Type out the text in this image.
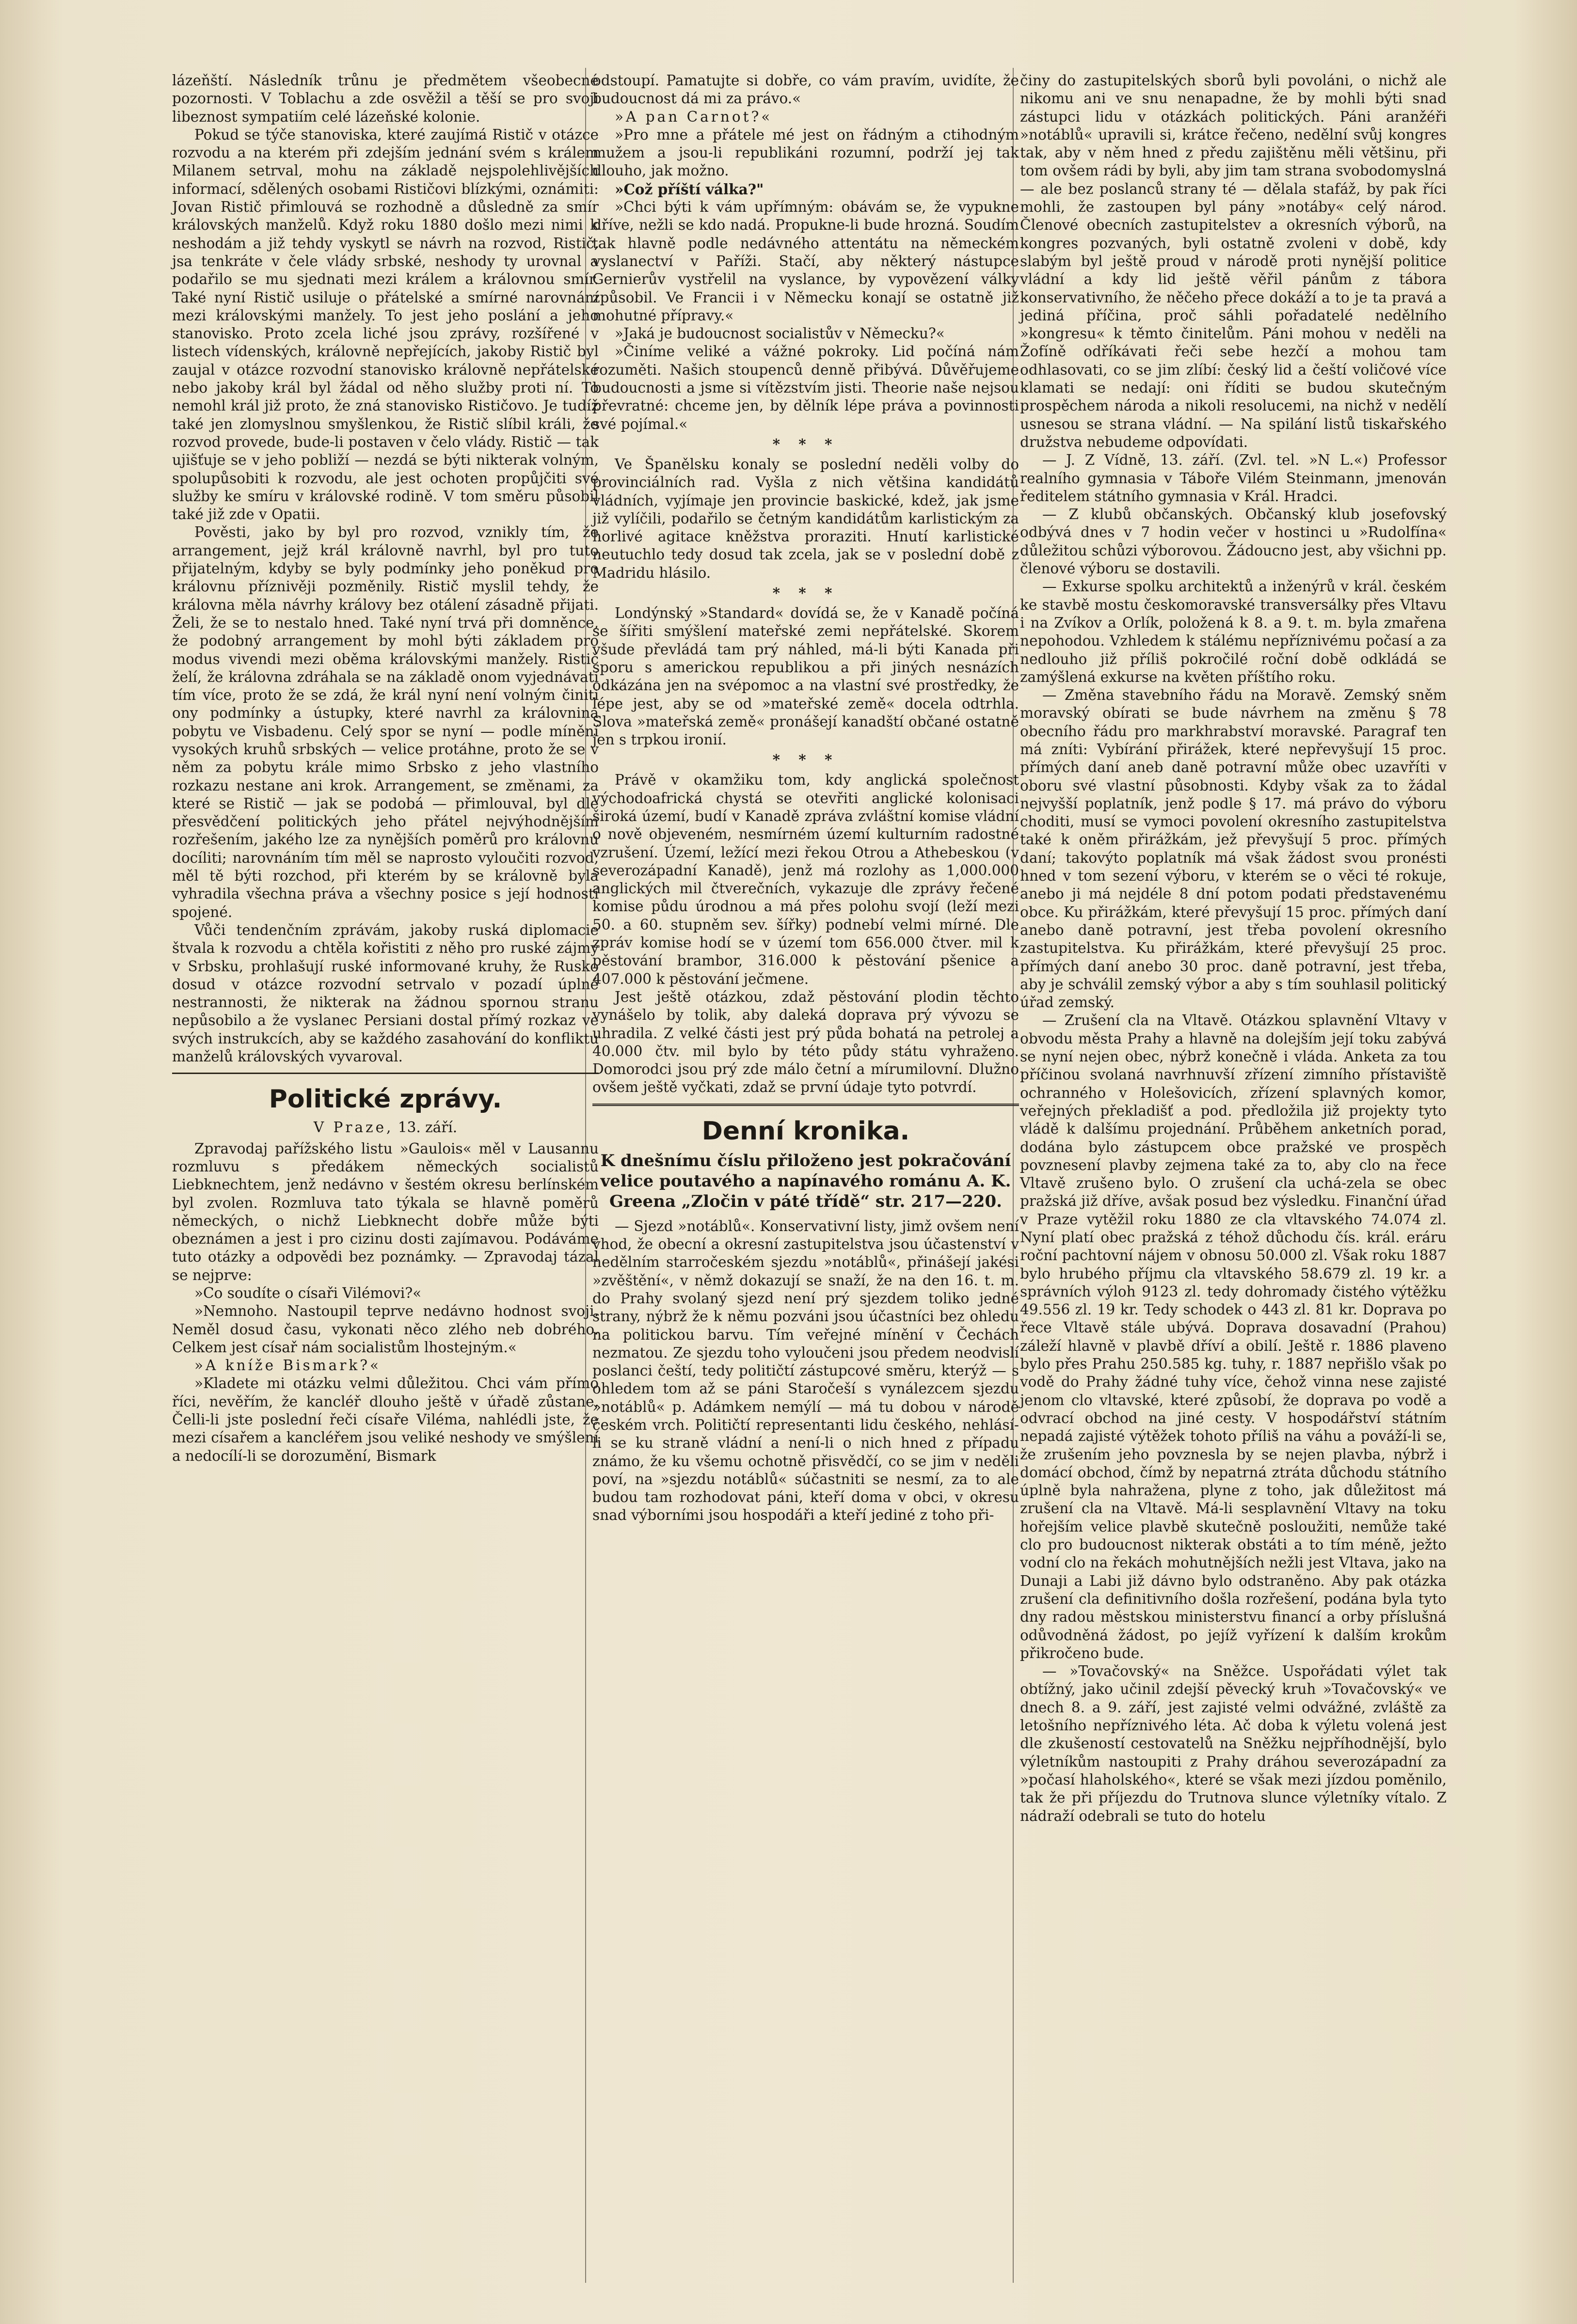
lázeňští. Následník trůnu je předmětem všeobecné pozornosti. V Toblachu a zde osvěžil a těší se pro svoji libeznost sympatiím celé lázeňské kolonie.

Pokud se týče stanoviska, které zaujímá Ristič v otázce rozvodu a na kterém při zdejším jednání svém s králem Milanem setrval, mohu na základě nejspolehlivějších informací, sdělených osobami Rističovi blízkými, oznámiti: Jovan Ristič přimlouvá se rozhodně a důsledně za smír královských manželů. Když roku 1880 došlo mezi nimi k neshodám a již tehdy vyskytl se návrh na rozvod, Ristič, jsa tenkráte v čele vlády srbské, neshody ty urovnal a podařilo se mu sjednati mezi králem a královnou smír. Také nyní Ristič usiluje o přátelské a smírné narovnání mezi královskými manžely. To jest jeho poslání a jeho stanovisko. Proto zcela liché jsou zprávy, rozšířené v listech vídenských, královně nepřejících, jakoby Ristič byl zaujal v otázce rozvodní stanovisko královně nepřátelské nebo jakoby král byl žádal od něho služby proti ní. To nemohl král již proto, že zná stanovisko Rističovo. Je tudíž také jen zlomyslnou smyšlenkou, že Ristič slíbil králi, že rozvod provede, bude-li postaven v čelo vlády. Ristič — tak ujišťuje se v jeho pobliží — nezdá se býti nikterak volným, spolupůsobiti k rozvodu, ale jest ochoten propůjčiti své služby ke smíru v královské rodině. V tom směru působil také již zde v Opatii.

Pověsti, jako by byl pro rozvod, vznikly tím, že arrangement, jejž král královně navrhl, byl pro tuto přijatelným, kdyby se byly podmínky jeho poněkud pro královnu příznivěji pozměnily. Ristič myslil tehdy, že královna měla návrhy královy bez otálení zásadně přijati. Želi, že se to nestalo hned. Také nyní trvá při domněnce, že podobný arrangement by mohl býti základem pro modus vivendi mezi oběma královskými manžely. Ristič želí, že královna zdráhala se na základě onom vyjednávati tím více, proto že se zdá, že král nyní není volným činiti ony podmínky a ústupky, které navrhl za královnina pobytu ve Visbadenu. Celý spor se nyní — podle mínění vysokých kruhů srbských — velice protáhne, proto že se v něm za pobytu krále mimo Srbsko z jeho vlastního rozkazu nestane ani krok. Arrangement, se změnami, za které se Ristič — jak se podobá — přimlouval, byl dle přesvědčení politických jeho přátel nejvýhodnějším rozřešením, jakého lze za nynějších poměrů pro královnu docíliti; narovnáním tím měl se naprosto vyloučiti rozvod, měl tě býti rozchod, při kterém by se královně byla vyhradila všechna práva a všechny posice s její hodností spojené.

Vůči tendenčním zprávám, jakoby ruská diplomacie štvala k rozvodu a chtěla kořistiti z něho pro ruské zájmy v Srbsku, prohlašují ruské informované kruhy, že Rusko dosud v otázce rozvodní setrvalo v pozadí úplné nestrannosti, že nikterak na žádnou spornou stranu nepůsobilo a že vyslanec Persiani dostal přímý rozkaz ve svých instrukcích, aby se každého zasahování do konfliktu manželů královských vyvaroval.

Politické zprávy.
V Praze, 13. září.

Zpravodaj pařížského listu »Gaulois« měl v Lausannu rozmluvu s předákem německých socialistů Liebknechtem, jenž nedávno v šestém okresu berlínském byl zvolen. Rozmluva tato týkala se hlavně poměrů německých, o nichž Liebknecht dobře může býti obeznámen a jest i pro cizinu dosti zajímavou. Podáváme tuto otázky a odpovědi bez poznámky. — Zpravodaj tázal se nejprve:

»Co soudíte o císaři Vilémovi?«

»Nemnoho. Nastoupil teprve nedávno hodnost svoji. Neměl dosud času, vykonati něco zlého neb dobrého. Celkem jest císař nám socialistům lhostejným.«

»A kníže Bismark?«

»Kladete mi otázku velmi důležitou. Chci vám přímo říci, nevěřím, že kancléř dlouho ještě v úřadě zůstane. Čelli-li jste poslední řeči císaře Viléma, nahlédli jste, že mezi císařem a kancléřem jsou veliké neshody ve smýšlení a nedocílí-li se dorozumění, Bismark

odstoupí. Pamatujte si dobře, co vám pravím, uvidíte, že budoucnost dá mi za právo.«

»A pan Carnot?«

»Pro mne a přátele mé jest on řádným a ctihodným mužem a jsou-li republikáni rozumní, podrží jej tak dlouho, jak možno.

»Což příští válka?"

»Chci býti k vám upřímným: obávám se, že vypukne dříve, nežli se kdo nadá. Propukne-li bude hrozná. Soudím tak hlavně podle nedávného attentátu na německém vyslanectví v Paříži. Stačí, aby některý nástupce Gernierův vystřelil na vyslance, by vypovězení války způsobil. Ve Francii i v Německu konají se ostatně již mohutné přípravy.«

»Jaká je budoucnost socialistův v Německu?«

»Činíme veliké a vážné pokroky. Lid počíná nám rozuměti. Našich stoupenců denně přibývá. Důvěřujeme budoucnosti a jsme si vítězstvím jisti. Theorie naše nejsou převratné: chceme jen, by dělník lépe práva a povinnosti své pojímal.«

* * *

Ve Španělsku konaly se poslední neděli volby do provinciálních rad. Vyšla z nich většina kandidátů vládních, vyjímaje jen provincie baskické, kdež, jak jsme již vylíčili, podařilo se četným kandidátům karlistickým za horlivé agitace kněžstva proraziti. Hnutí karlistické neutuchlo tedy dosud tak zcela, jak se v poslední době z Madridu hlásilo.

* * *

Londýnský »Standard« dovídá se, že v Kanadě počíná se šířiti smýšlení mateřské zemi nepřátelské. Skorem všude převládá tam prý náhled, má-li býti Kanada při sporu s americkou republikou a při jiných nesnázích odkázána jen na svépomoc a na vlastní své prostředky, že lépe jest, aby se od »mateřské země« docela odtrhla. Slova »mateřská země« pronášejí kanadští občané ostatně jen s trpkou ironií.

* * *

Právě v okamžiku tom, kdy anglická společnost východoafrická chystá se otevřiti anglické kolonisaci široká území, budí v Kanadě zpráva zvláštní komise vládní o nově objeveném, nesmírném území kulturním radostné vzrušení. Území, ležící mezi řekou Otrou a Athebeskou (v severozápadní Kanadě), jenž má rozlohy as 1,000.000 anglických mil čtverečních, vykazuje dle zprávy řečené komise půdu úrodnou a má přes polohu svojí (leží mezi 50. a 60. stupněm sev. šířky) podnebí velmi mírné. Dle zpráv komise hodí se v území tom 656.000 čtver. mil k pěstování brambor, 316.000 k pěstování pšenice a 407.000 k pěstování ječmene.

Jest ještě otázkou, zdaž pěstování plodin těchto vynášelo by tolik, aby daleká doprava prý vývozu se uhradila. Z velké části jest prý půda bohatá na petrolej a 40.000 čtv. mil bylo by této půdy státu vyhraženo. Domorodci jsou prý zde málo četní a mírumilovní. Dlužno ovšem ještě vyčkati, zdaž se první údaje tyto potvrdí.

Denní kronika.
K dnešnímu číslu přiloženo jest pokračování velice poutavého a napínavého románu A. K. Greena „Zločin v páté třídě“ str. 217—220.

— Sjezd »notáblů«. Konservativní listy, jimž ovšem není vhod, že obecní a okresní zastupitelstva jsou účastenství v nedělním starročeském sjezdu »notáblů«, přinášejí jakési »zvěštění«, v němž dokazují se snaží, že na den 16. t. m. do Prahy svolaný sjezd není prý sjezdem toliko jedné strany, nýbrž že k němu pozváni jsou účastníci bez ohledu na politickou barvu. Tím veřejné mínění v Čechách nezmatou. Ze sjezdu toho vyloučeni jsou předem neodvislí poslanci čeští, tedy političtí zástupcové směru, kterýž — s ohledem tom až se páni Staročeší s vynálezcem sjezdu »notáblů« p. Adámkem nemýlí — má tu dobou v národě českém vrch. Političtí representanti lidu českého, nehlásí-li se ku straně vládní a není-li o nich hned z případu známo, že ku všemu ochotně přisvědčí, co se jim v neděli poví, na »sjezdu notáblů« súčastniti se nesmí, za to ale budou tam rozhodovat páni, kteří doma v obci, v okresu snad výborními jsou hospodáři a kteří jediné z toho při-

činy do zastupitelských sborů byli povoláni, o nichž ale nikomu ani ve snu nenapadne, že by mohli býti snad zástupci lidu v otázkách politických. Páni aranžéři »notáblů« upravili si, krátce řečeno, nedělní svůj kongres tak, aby v něm hned z předu zajištěnu měli většinu, při tom ovšem rádi by byli, aby jim tam strana svobodomyslná — ale bez poslanců strany té — dělala stafáž, by pak říci mohli, že zastoupen byl pány »notáby« celý národ. Členové obecních zastupitelstev a okresních výborů, na kongres pozvaných, byli ostatně zvoleni v době, kdy slabým byl ještě proud v národě proti nynější politice vládní a kdy lid ještě věřil pánům z tábora konservativního, že něčeho přece dokáží a to je ta pravá a jediná příčina, proč sáhli pořadatelé nedělního »kongresu« k těmto činitelům. Páni mohou v neděli na Žofíně odříkávati řeči sebe hezčí a mohou tam odhlasovati, co se jim zlíbí: český lid a čeští voličové více klamati se nedají: oni říditi se budou skutečným prospěchem národa a nikoli resolucemi, na nichž v nedělí usnesou se strana vládní. — Na spilání listů tiskařského družstva nebudeme odpovídati.

— J. Z Vídně, 13. září. (Zvl. tel. »N L.«) Professor realního gymnasia v Táboře Vilém Steinmann, jmenován ředitelem státního gymnasia v Král. Hradci.

— Z klubů občanských. Občanský klub josefovský odbývá dnes v 7 hodin večer v hostinci u »Rudolfína« důležitou schůzi výborovou. Žádoucno jest, aby všichni pp. členové výboru se dostavili.

— Exkurse spolku architektů a inženýrů v král. českém ke stavbě mostu českomoravské transversálky přes Vltavu i na Zvíkov a Orlík, položená k 8. a 9. t. m. byla zmařena nepohodou. Vzhledem k stálému nepříznivému počasí a za nedlouho již příliš pokročilé roční době odkládá se zamýšlená exkurse na květen příštího roku.

— Změna stavebního řádu na Moravě. Zemský sněm moravský obírati se bude návrhem na změnu § 78 obecního řádu pro markhrabství moravské. Paragraf ten má zníti: Vybírání přirážek, které nepřevyšují 15 proc. přímých daní aneb daně potravní může obec uzavříti v oboru své vlastní působnosti. Kdyby však za to žádal nejvyšší poplatník, jenž podle § 17. má právo do výboru choditi, musí se vymoci povolení okresního zastupitelstva také k oněm přirážkám, jež převyšují 5 proc. přímých daní; takovýto poplatník má však žádost svou pronésti hned v tom sezení výboru, v kterém se o věci té rokuje, anebo ji má nejdéle 8 dní potom podati představenému obce. Ku přirážkám, které převyšují 15 proc. přímých daní anebo daně potravní, jest třeba povolení okresního zastupitelstva. Ku přirážkám, které převyšují 25 proc. přímých daní anebo 30 proc. daně potravní, jest třeba, aby je schválil zemský výbor a aby s tím souhlasil politický úřad zemský.

— Zrušení cla na Vltavě. Otázkou splavnění Vltavy v obvodu města Prahy a hlavně na dolejším její toku zabývá se nyní nejen obec, nýbrž konečně i vláda. Anketa za tou příčinou svolaná navrhnuvší zřízení zimního přístaviště ochranného v Holešovicích, zřízení splavných komor, veřejných překladišť a pod. předložila již projekty tyto vládě k dalšímu projednání. Průběhem anketních porad, dodána bylo zástupcem obce pražské ve prospěch povznesení plavby zejmena také za to, aby clo na řece Vltavě zrušeno bylo. O zrušení cla uchá-zela se obec pražská již dříve, avšak posud bez výsledku. Finanční úřad v Praze vytěžil roku 1880 ze cla vltavského 74.074 zl. Nyní platí obec pražská z téhož důchodu čís. král. eráru roční pachtovní nájem v obnosu 50.000 zl. Však roku 1887 bylo hrubého příjmu cla vltavského 58.679 zl. 19 kr. a správních výloh 9123 zl. tedy dohromady čistého výtěžku 49.556 zl. 19 kr. Tedy schodek o 443 zl. 81 kr. Doprava po řece Vltavě stále ubývá. Doprava dosavadní (Prahou) záleží hlavně v plavbě dříví a obilí. Ještě r. 1886 plaveno bylo přes Prahu 250.585 kg. tuhy, r. 1887 nepřišlo však po vodě do Prahy žádné tuhy více, čehož vinna nese zajisté jenom clo vltavské, které způsobí, že doprava po vodě a odvrací obchod na jiné cesty. V hospodářství státním nepadá zajisté výtěžek tohoto příliš na váhu a pováží-li se, že zrušením jeho povznesla by se nejen plavba, nýbrž i domácí obchod, čímž by nepatrná ztráta důchodu státního úplně byla nahražena, plyne z toho, jak důležitost má zrušení cla na Vltavě. Má-li sesplavnění Vltavy na toku hořejším velice plavbě skutečně posloužiti, nemůže také clo pro budoucnost nikterak obstáti a to tím méně, ježto vodní clo na řekách mohutnějších nežli jest Vltava, jako na Dunaji a Labi již dávno bylo odstraněno. Aby pak otázka zrušení cla definitivního došla rozřešení, podána byla tyto dny radou městskou ministerstvu financí a orby příslušná odůvodněná žádost, po jejíž vyřízení k dalším krokům přikročeno bude.

— »Tovačovský« na Sněžce. Uspořádati výlet tak obtížný, jako učinil zdejší pěvecký kruh »Tovačovský« ve dnech 8. a 9. září, jest zajisté velmi odvážné, zvláště za letošního nepříznivého léta. Ač doba k výletu volená jest dle zkušeností cestovatelů na Sněžku nejpříhodnější, bylo výletníkům nastoupiti z Prahy dráhou severozápadní za »počasí hlaholského«, které se však mezi jízdou poměnilo, tak že při příjezdu do Trutnova slunce výletníky vítalo. Z nádraží odebrali se tuto do hotelu
